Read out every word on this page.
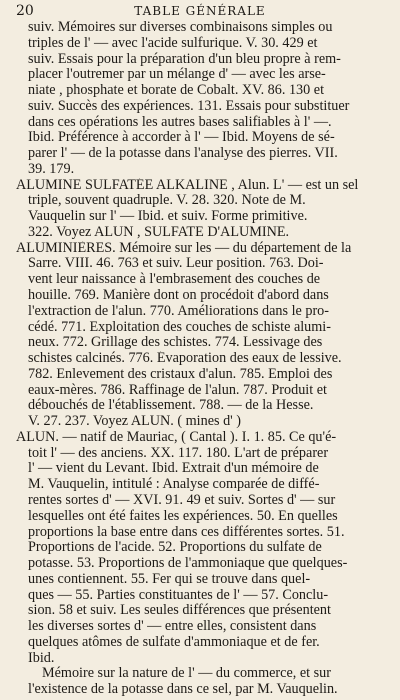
20	TABLE GÉNÉRALE
suiv. Mémoires sur diverses combinaisons simples ou
triples de l' — avec l'acide sulfurique. V. 30. 429 et
suiv. Essais pour la préparation d'un bleu propre à rem-
placer l'outremer par un mélange d' — avec les arse-
niate , phosphate et borate de Cobalt. XV. 86. 130 et
suiv. Succès des expériences. 131. Essais pour substituer
dans ces opérations les autres bases salifiables à l' —.
Ibid. Préférence à accorder à l' — Ibid. Moyens de sé-
parer l' — de la potasse dans l'analyse des pierres. VII.
39. 179.
ALUMINE SULFATÉE ALKALINE , Alun. L' — est un sel
triple, souvent quadruple. V. 28. 320. Note de M.
Vauquelin sur l' — Ibid. et suiv. Forme primitive.
322. Voyez ALUN , SULFATE D'ALUMINE.
ALUMINIÈRES. Mémoire sur les — du département de la
Sarre. VIII. 46. 763 et suiv. Leur position. 763. Doi-
vent leur naissance à l'embrasement des couches de
houille. 769. Manière dont on procédoit d'abord dans
l'extraction de l'alun. 770. Améliorations dans le pro-
cédé. 771. Exploitation des couches de schiste alumi-
neux. 772. Grillage des schistes. 774. Lessivage des
schistes calcinés. 776. Évaporation des eaux de lessive.
782. Enlevement des cristaux d'alun. 785. Emploi des
eaux-mères. 786. Raffinage de l'alun. 787. Produit et
débouchés de l'établissement. 788. — de la Hesse.
V. 27. 237. Voyez ALUN. ( mines d' )
ALUN. — natif de Mauriac, ( Cantal ). I. 1. 85. Ce qu'é-
toit l' — des anciens. XX. 117. 180. L'art de préparer
l' — vient du Levant. Ibid. Extrait d'un mémoire de
M. Vauquelin, intitulé : Analyse comparée de diffé-
rentes sortes d' — XVI. 91. 49 et suiv. Sortes d' — sur
lesquelles ont été faites les expériences. 50. En quelles
proportions la base entre dans ces différentes sortes. 51.
Proportions de l'acide. 52. Proportions du sulfate de
potasse. 53. Proportions de l'ammoniaque que quelques-
unes contiennent. 55. Fer qui se trouve dans quel-
ques — 55. Parties constituantes de l' — 57. Conclu-
sion. 58 et suiv. Les seules différences que présentent
les diverses sortes d' — entre elles, consistent dans
quelques atômes de sulfate d'ammoniaque et de fer.
Ibid.
Mémoire sur la nature de l' — du commerce, et sur
l'existence de la potasse dans ce sel, par M. Vauquelin.
